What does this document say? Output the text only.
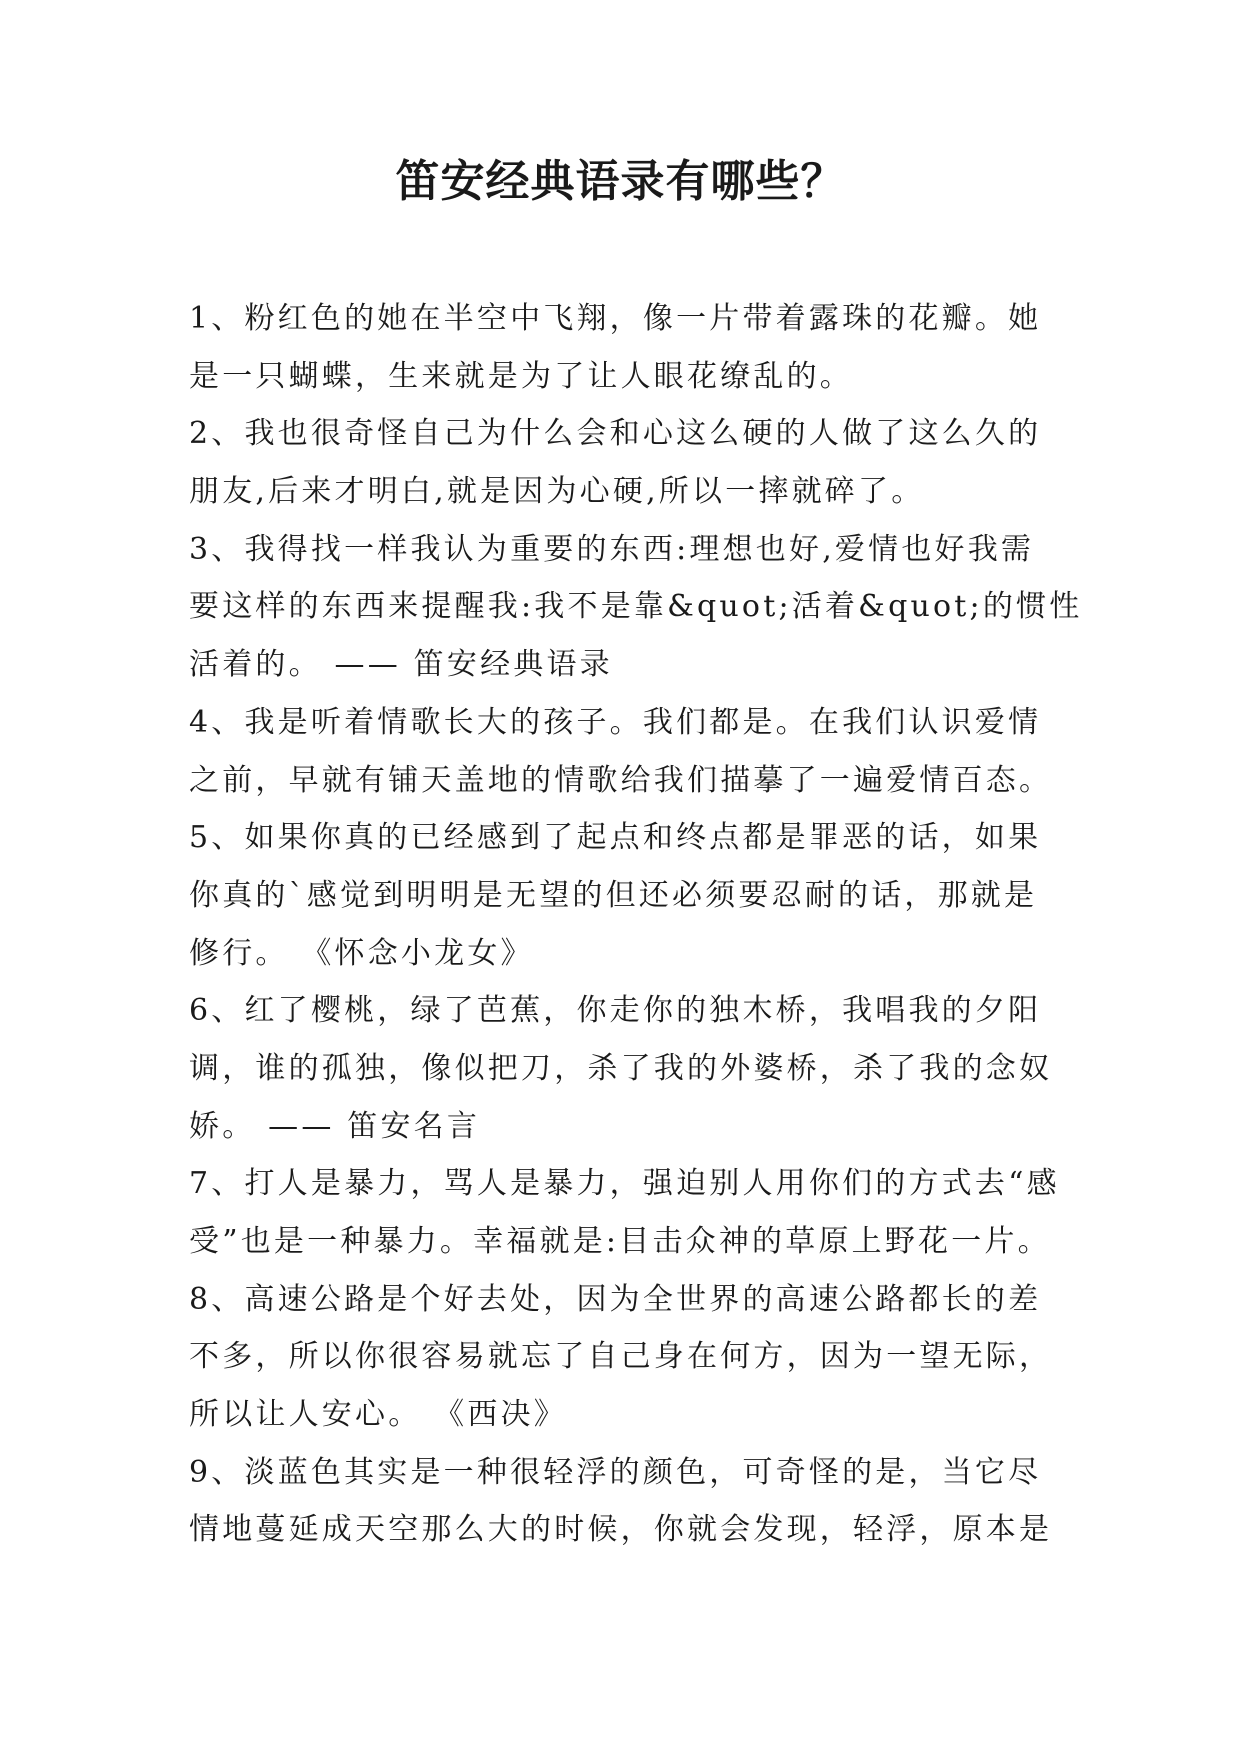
笛安经典语录有哪些？
1、粉红色的她在半空中飞翔，像一片带着露珠的花瓣。她
是一只蝴蝶，生来就是为了让人眼花缭乱的。
2、我也很奇怪自己为什么会和心这么硬的人做了这么久的
朋友,后来才明白,就是因为心硬,所以一摔就碎了。
3、我得找一样我认为重要的东西:理想也好,爱情也好我需
要这样的东西来提醒我:我不是靠&quot;活着&quot;的惯性
活着的。 —— 笛安经典语录
4、我是听着情歌长大的孩子。我们都是。在我们认识爱情
之前，早就有铺天盖地的情歌给我们描摹了一遍爱情百态。
5、如果你真的已经感到了起点和终点都是罪恶的话，如果
你真的`感觉到明明是无望的但还必须要忍耐的话，那就是
修行。 《怀念小龙女》
6、红了樱桃，绿了芭蕉，你走你的独木桥，我唱我的夕阳
调，谁的孤独，像似把刀，杀了我的外婆桥，杀了我的念奴
娇。 —— 笛安名言
7、打人是暴力，骂人是暴力，强迫别人用你们的方式去“感
受”也是一种暴力。幸福就是:目击众神的草原上野花一片。
8、高速公路是个好去处，因为全世界的高速公路都长的差
不多，所以你很容易就忘了自己身在何方，因为一望无际，
所以让人安心。 《西决》
9、淡蓝色其实是一种很轻浮的颜色，可奇怪的是，当它尽
情地蔓延成天空那么大的时候，你就会发现，轻浮，原本是
